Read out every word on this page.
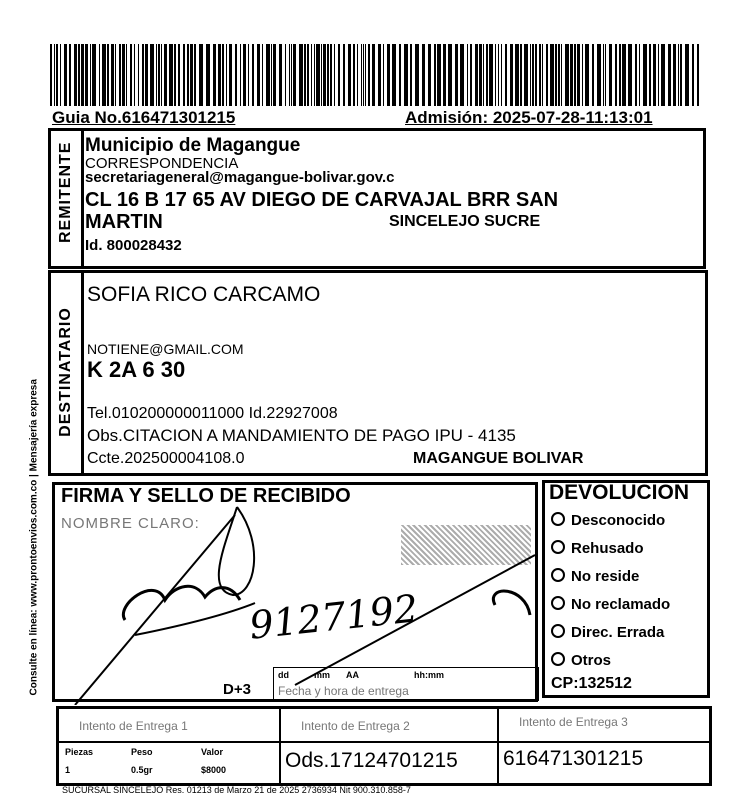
Guia No.616471301215	Admisión: 2025-07-28-11:13:01
REMITENTE Municipio de Magangue
CORRESPONDENCIA
secretariageneral@magangue-bolivar.gov.c
CL 16 B 17 65 AV DIEGO DE CARVAJAL BRR SAN
MARTIN	SINCELEJO SUCRE
Id. 800028432
DESTINATARIO
SOFIA RICO CARCAMO
NOTIENE@GMAIL.COM
K 2A 6 30
Tel.010200000011000 Id.22927008
Obs.CITACION A MANDAMIENTO DE PAGO IPU - 4135
Ccte.202500004108.0	MAGANGUE BOLIVAR
Consulte en línea: www.prontoenvios.com.co | Mensajería expresa FIRMA Y SELLO DE RECIBIDO
NOMBRE CLARO:
9127192
D+3
dd	mm AA	hh:mm
Fecha y hora de entrega
DEVOLUCION
Desconocido
Rehusado
No reside
No reclamado
Direc. Errada
Otros
CP:132512
Intento de Entrega 1	Intento de Entrega 2	Intento de Entrega 3
Piezas	Peso	Valor
1	0.5gr	$8000	Ods.17124701215 616471301215
SUCURSAL SINCELEJO Res. 01213 de Marzo 21 de 2025 2736934 Nit 900.310.858-7
